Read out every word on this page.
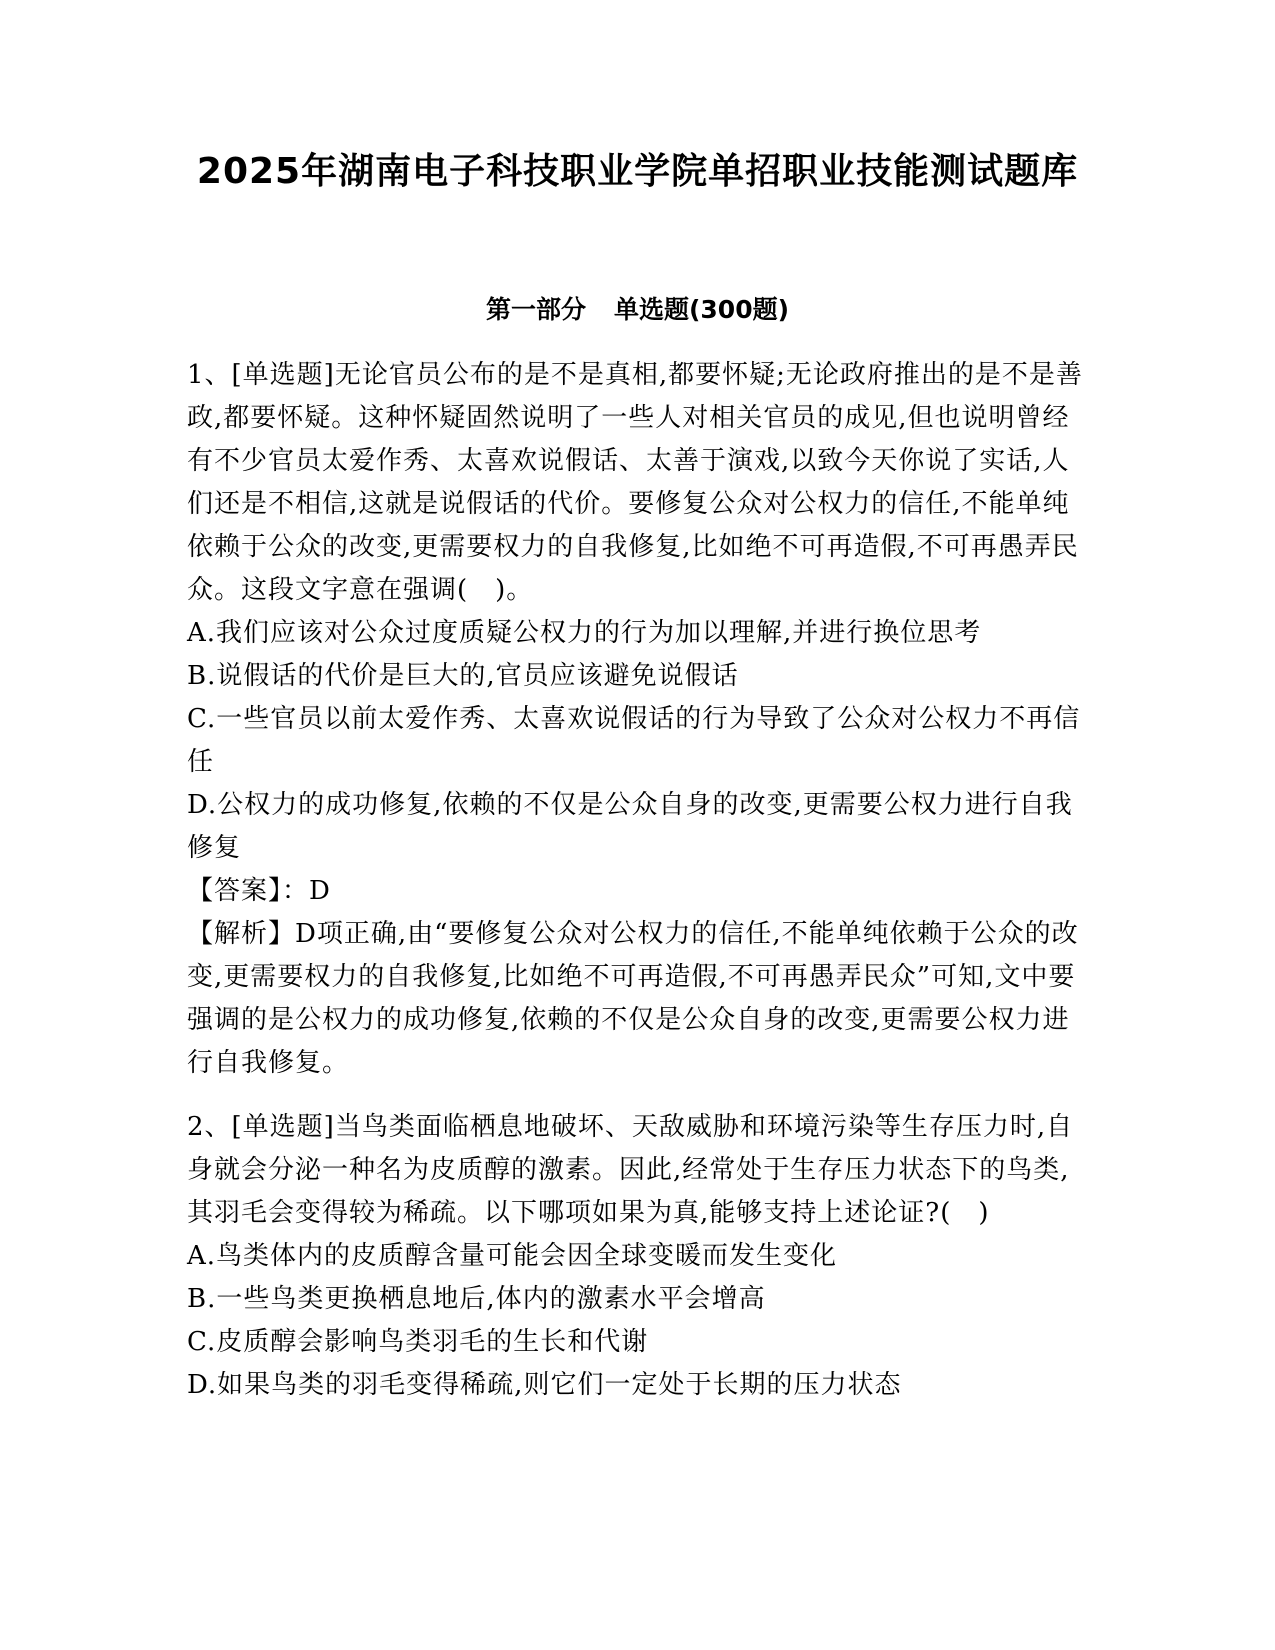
2025年湖南电子科技职业学院单招职业技能测试题库
第一部分 单选题(300题)

1、[单选题]无论官员公布的是不是真相,都要怀疑;无论政府推出的是不是善政,都要怀疑。这种怀疑固然说明了一些人对相关官员的成见,但也说明曾经有不少官员太爱作秀、太喜欢说假话、太善于演戏,以致今天你说了实话,人们还是不相信,这就是说假话的代价。要修复公众对公权力的信任,不能单纯依赖于公众的改变,更需要权力的自我修复,比如绝不可再造假,不可再愚弄民众。这段文字意在强调(　)。

A.我们应该对公众过度质疑公权力的行为加以理解,并进行换位思考

B.说假话的代价是巨大的,官员应该避免说假话

C.一些官员以前太爱作秀、太喜欢说假话的行为导致了公众对公权力不再信任

D.公权力的成功修复,依赖的不仅是公众自身的改变,更需要公权力进行自我修复

【答案】：D

【解析】D项正确,由“要修复公众对公权力的信任,不能单纯依赖于公众的改变,更需要权力的自我修复,比如绝不可再造假,不可再愚弄民众”可知,文中要强调的是公权力的成功修复,依赖的不仅是公众自身的改变,更需要公权力进行自我修复。

2、[单选题]当鸟类面临栖息地破坏、天敌威胁和环境污染等生存压力时,自身就会分泌一种名为皮质醇的激素。因此,经常处于生存压力状态下的鸟类,其羽毛会变得较为稀疏。以下哪项如果为真,能够支持上述论证?(　)

A.鸟类体内的皮质醇含量可能会因全球变暖而发生变化

B.一些鸟类更换栖息地后,体内的激素水平会增高

C.皮质醇会影响鸟类羽毛的生长和代谢

D.如果鸟类的羽毛变得稀疏,则它们一定处于长期的压力状态
